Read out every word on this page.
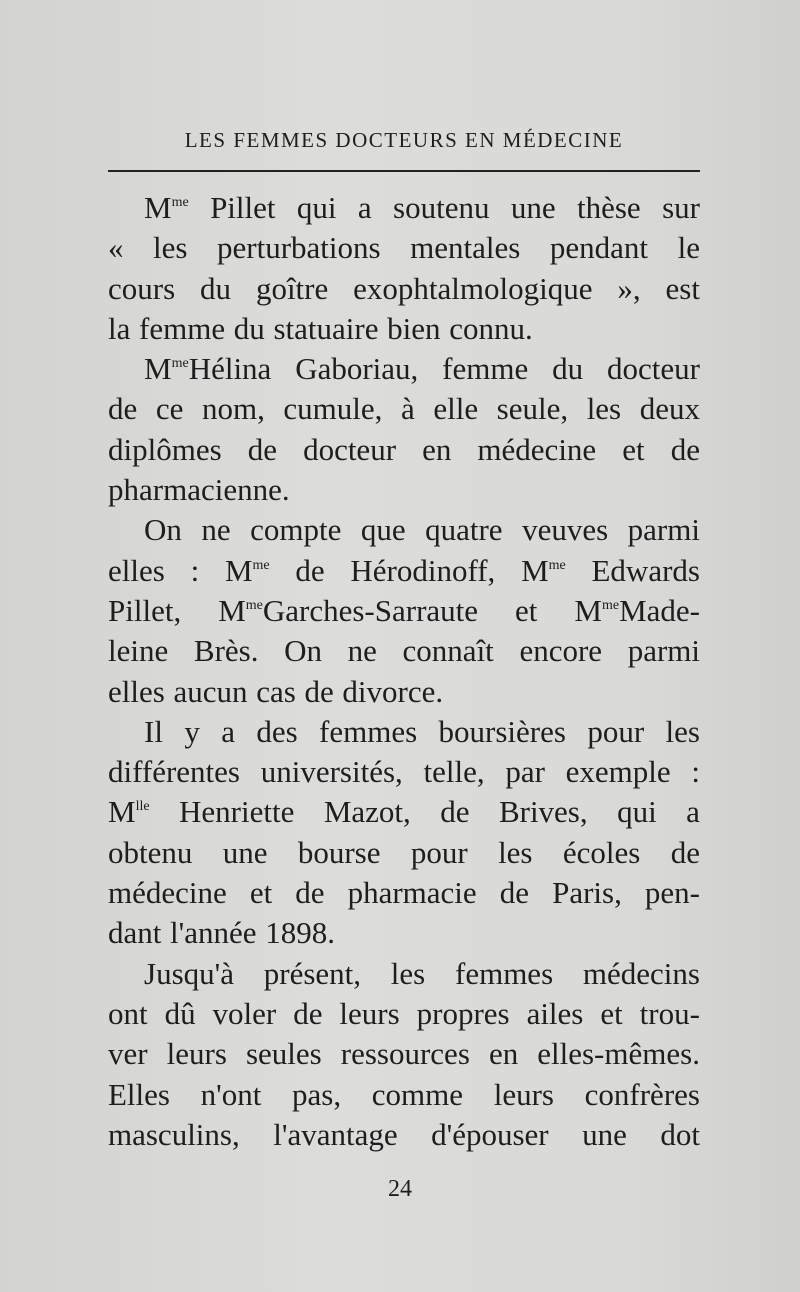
LES FEMMES DOCTEURS EN MÉDECINE
$M^{me}$ Pillet qui a soutenu une thèse sur
« les perturbations mentales pendant le
cours du goître exophtalmologique », est
la femme du statuaire bien connu.
$M^{me}Hélina$ Gaboriau, femme du docteur
de ce nom, cumule, à elle seule, les deux
diplômes de docteur en médecine et de
pharmacienne.
On ne compte que quatre veuves parmi
elles : $M^{me}$ de Hérodinoff, $M^{me}$ Edwards
Pillet, $M^{me}Garches$-Sarraute et $M^{me}Made-$
leine Brès. On ne connaît encore parmi
elles aucun cas de divorce.
Il y a des femmes boursières pour les
différentes universités, telle, par exemple :
$M^{lle}$ Henriette Mazot, de Brives, qui a
obtenu une bourse pour les écoles de
médecine et de pharmacie de Paris, pen-
dant l'année 1898.
Jusqu'à présent, les femmes médecins
ont dû voler de leurs propres ailes et trou-
ver leurs seules ressources en elles-mêmes.
Elles n'ont pas, comme leurs confrères
masculins, l'avantage d'épouser une dot
24
